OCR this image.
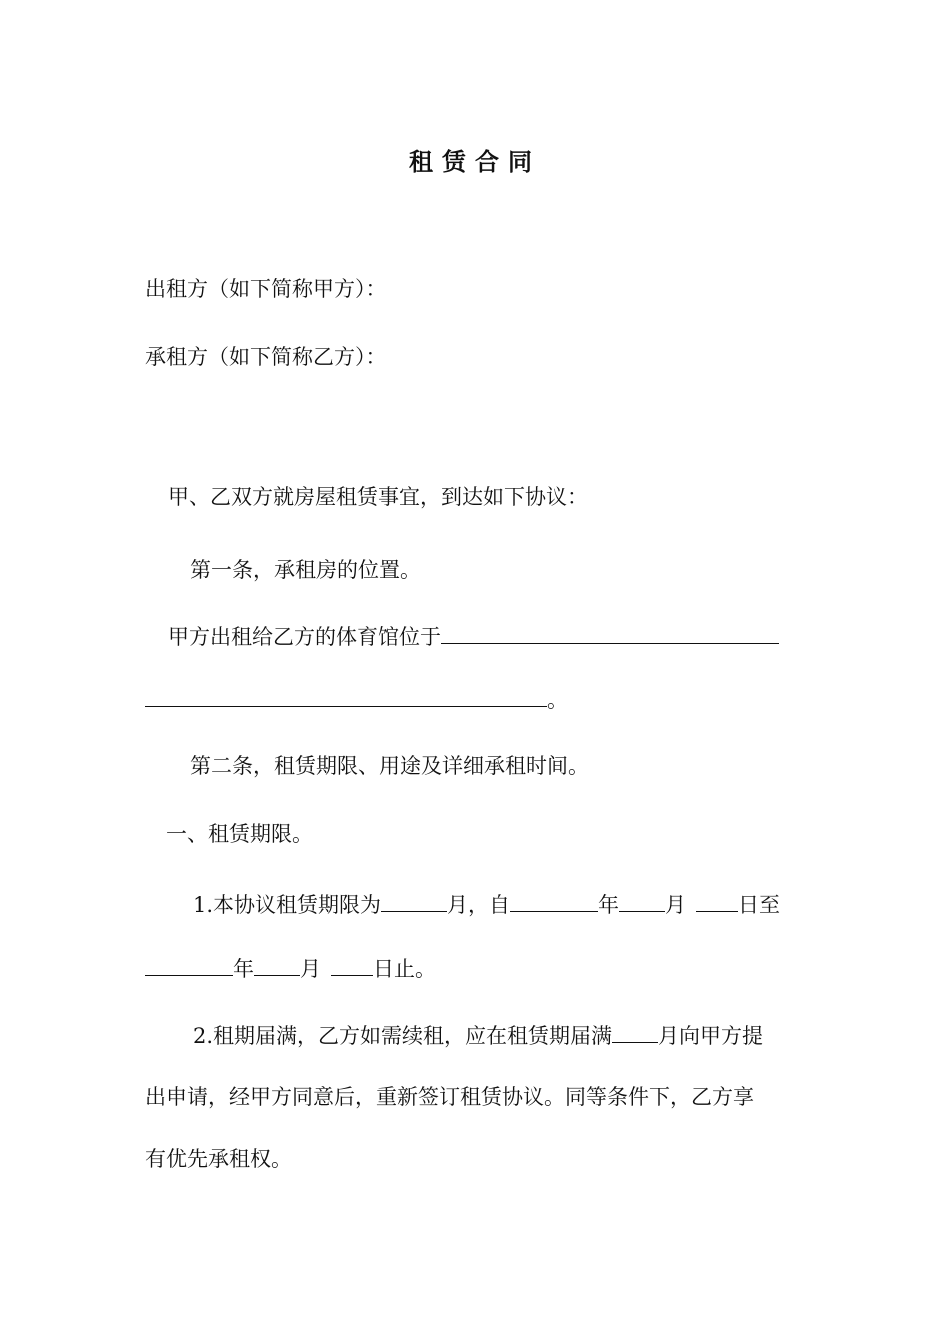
租赁合同
出租方（如下简称甲方）：
承租方（如下简称乙方）：
甲、乙双方就房屋租赁事宜，到达如下协议：
第一条，承租房的位置。
甲方出租给乙方的体育馆位于
。
第二条，租赁期限、用途及详细承租时间。
一、租赁期限。
1.本协议租赁期限为	月，自	年 月 日至
年 月 日止。
2.租期届满，乙方如需续租，应在租赁期届满 月向甲方提
出申请，经甲方同意后，重新签订租赁协议。同等条件下，乙方享
有优先承租权。
